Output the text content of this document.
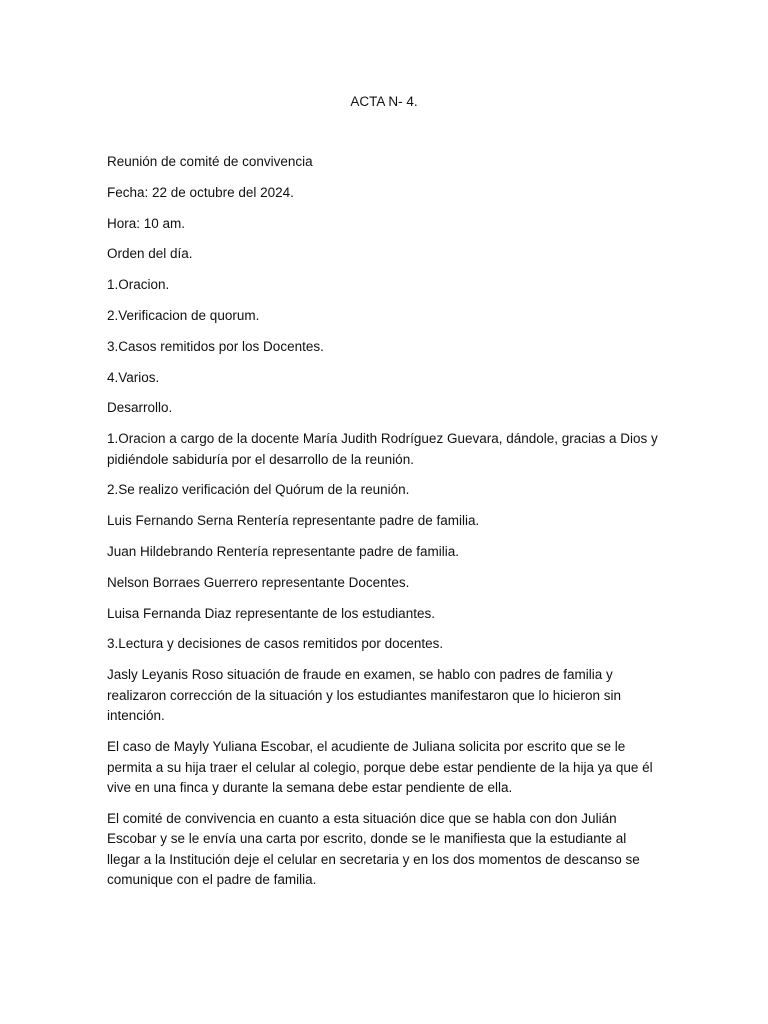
ACTA N- 4.

Reunión de comité de convivencia

Fecha: 22 de octubre del 2024.

Hora: 10 am.

Orden del día.

1.Oracion.

2.Verificacion de quorum.

3.Casos remitidos por los Docentes.

4.Varios.

Desarrollo.

1.Oracion a cargo de la docente María Judith Rodríguez Guevara, dándole, gracias a Dios y pidiéndole sabiduría por el desarrollo de la reunión.

2.Se realizo verificación del Quórum de la reunión.

Luis Fernando Serna Rentería representante padre de familia.

Juan Hildebrando Rentería representante padre de familia.

Nelson Borraes Guerrero representante Docentes.

Luisa Fernanda Diaz representante de los estudiantes.

3.Lectura y decisiones de casos remitidos por docentes.

Jasly Leyanis Roso situación de fraude en examen, se hablo con padres de familia y realizaron corrección de la situación y los estudiantes manifestaron que lo hicieron sin intención.

El caso de Mayly Yuliana Escobar, el acudiente de Juliana solicita por escrito que se le permita a su hija traer el celular al colegio, porque debe estar pendiente de la hija ya que él vive en una finca y durante la semana debe estar pendiente de ella.

El comité de convivencia en cuanto a esta situación dice que se habla con don Julián Escobar y se le envía una carta por escrito, donde se le manifiesta que la estudiante al llegar a la Institución deje el celular en secretaria y en los dos momentos de descanso se comunique con el padre de familia.
